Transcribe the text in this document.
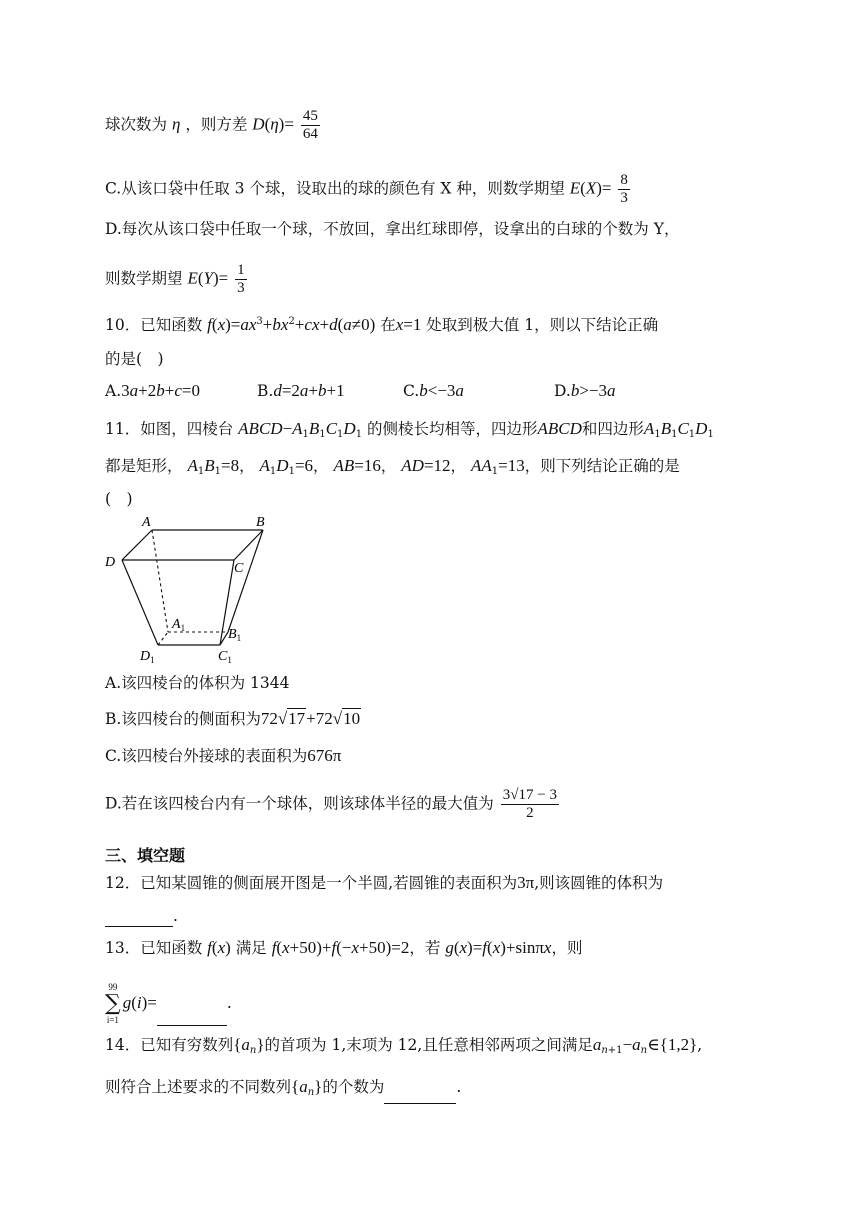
球次数为 η ，则方差 $D(\eta)= \frac{45}{64}$
C.从该口袋中任取 3 个球，设取出的球的颜色有 X 种，则数学期望 $E(X)= \frac{8}{3}$
D.每次从该口袋中任取一个球，不放回，拿出红球即停，设拿出的白球的个数为 Y，
则数学期望 $E(Y)= \frac{1}{3}$
10．已知函数 $f(x)=ax^3+bx^2+cx+d(a\ne 0)$ 在x=1 处取到极大值 1，则以下结论正确
的是(　)
A.3a+2b+c=0	B.d=2a+b+1	C.b<−3a	D.b>−3a
11．如图，四棱台 $ABCD-A_1B_1C_1D_1$ 的侧棱长均相等，四边形ABCD和四边形$A_1B_1C_1D_1$
都是矩形， $A_1B_1=8$， $A_1D_1=6$， AB=16， AD=12， $AA_1=13$，则下列结论正确的是
(　)
A	B
C
D
$A_1$	$B_1$
$C_1$
$D_1$
A.该四棱台的体积为 1344
B.该四棱台的侧面积为72√17+72√10
C.该四棱台外接球的表面积为676π
D.若在该四棱台内有一个球体，则该球体半径的最大值为 $\frac{3√17 - 3}{2}$
三、填空题
12．已知某圆锥的侧面展开图是一个半圆,若圆锥的表面积为3π,则该圆锥的体积为
.
13．已知函数 f(x) 满足 f(x+50)+f(−x+50)=2，若 g(x)=f(x)+sinπx，则
99
∑
i=1
g(i)=	.
14．已知有穷数列$\{a_n\}$的首项为 1,末项为 12,且任意相邻两项之间满足$a_{n+1}-a_n\in\{1,2\}$,
则符合上述要求的不同数列$\{a_n\}$的个数为	.
